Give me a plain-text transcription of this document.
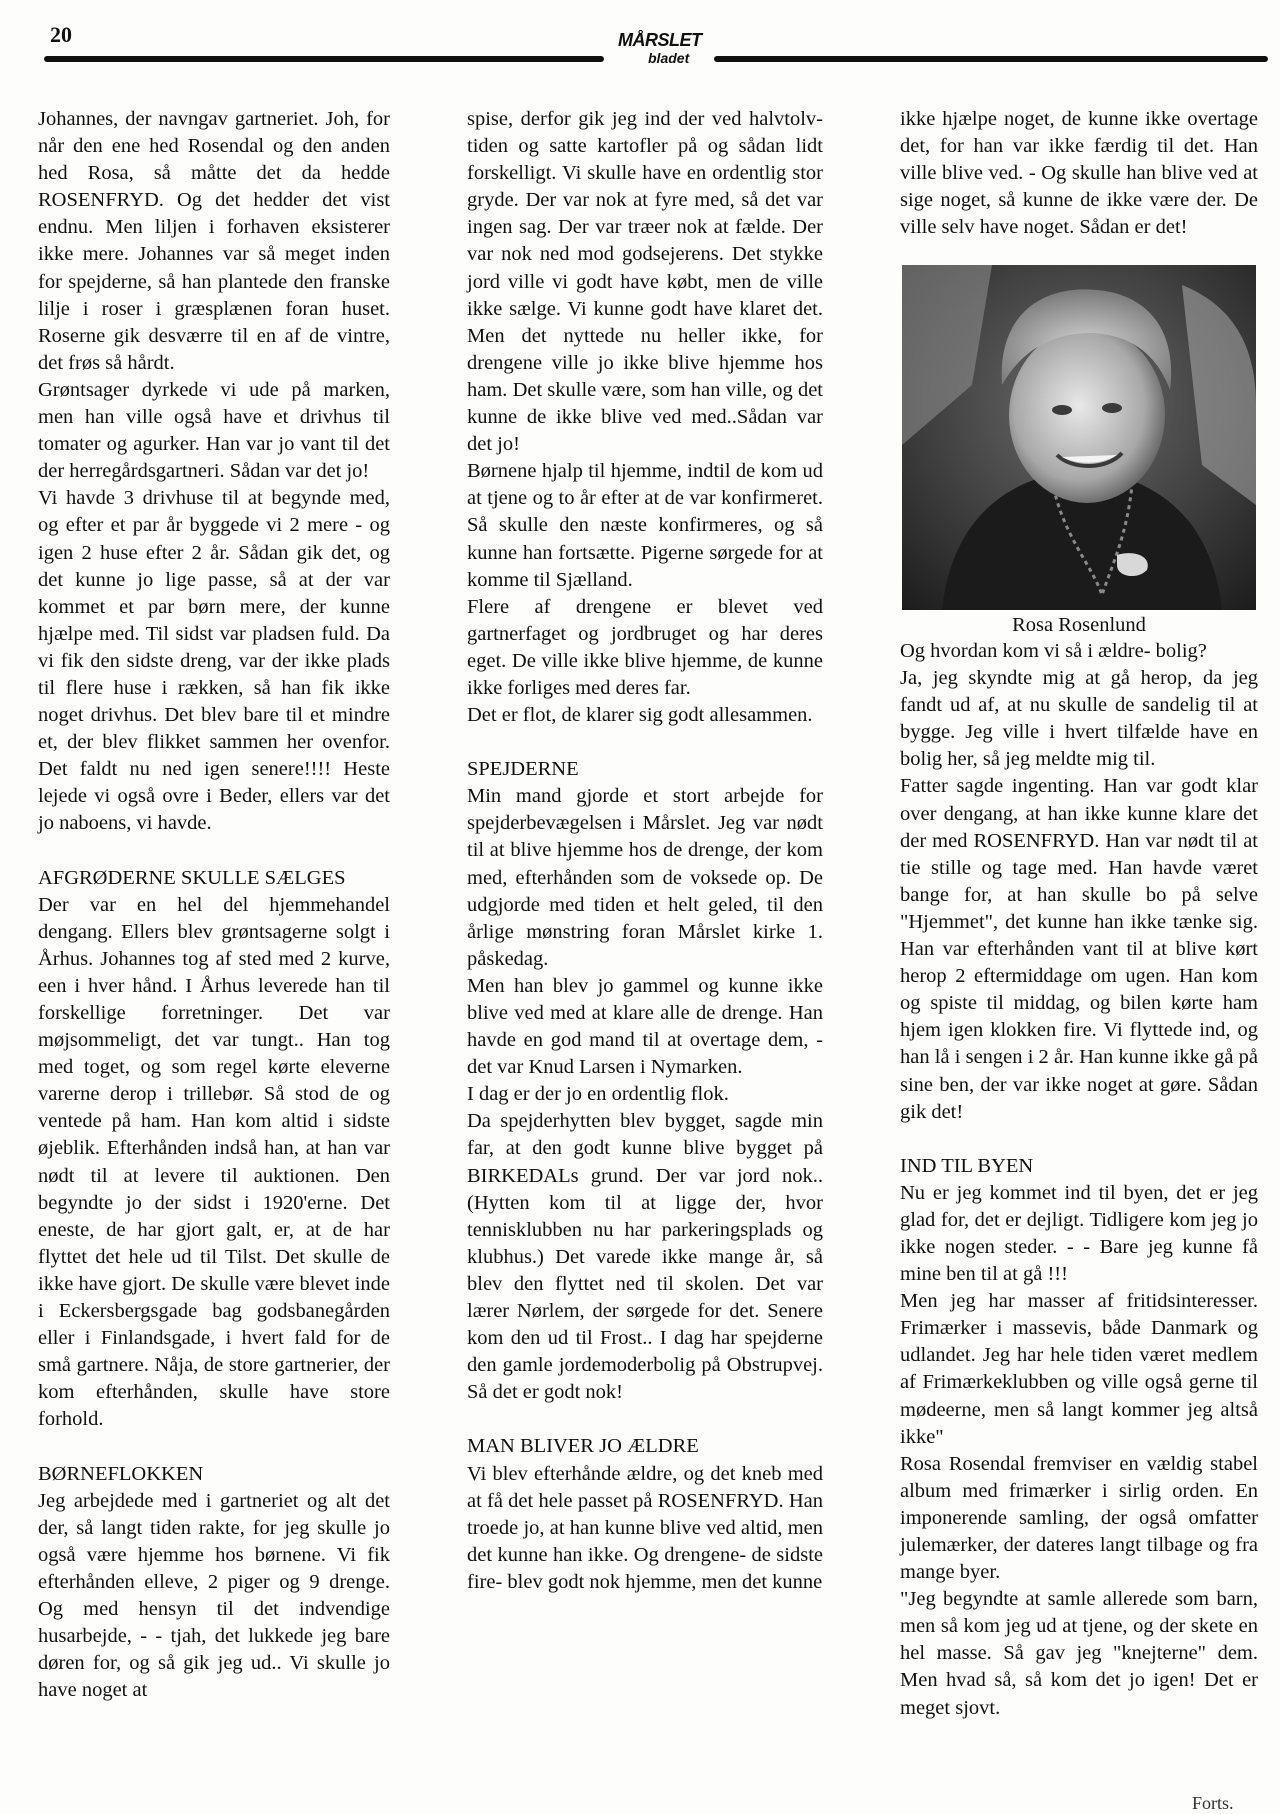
20	MÅRSLET
bladet

Johannes, der navngav gartneriet. Joh, for når den ene hed Rosendal og den anden hed Rosa, så måtte det da hedde ROSENFRYD. Og det hedder det vist endnu. Men liljen i forhaven eksisterer ikke mere. Johannes var så meget inden for spejderne, så han plantede den franske lilje i roser i græsplænen foran huset. Roserne gik desværre til en af de vintre, det frøs så hårdt.

Grøntsager dyrkede vi ude på marken, men han ville også have et drivhus til tomater og agurker. Han var jo vant til det der herregårdsgartneri. Sådan var det jo!

Vi havde 3 drivhuse til at begynde med, og efter et par år byggede vi 2 mere - og igen 2 huse efter 2 år. Sådan gik det, og det kunne jo lige passe, så at der var kommet et par børn mere, der kunne hjælpe med. Til sidst var pladsen fuld. Da vi fik den sidste dreng, var der ikke plads til flere huse i rækken, så han fik ikke noget drivhus. Det blev bare til et mindre et, der blev flikket sammen her ovenfor. Det faldt nu ned igen senere!!!! Heste lejede vi også ovre i Beder, ellers var det jo naboens, vi havde.

AFGRØDERNE SKULLE SÆLGES

Der var en hel del hjemmehandel dengang. Ellers blev grøntsagerne solgt i Århus. Johannes tog af sted med 2 kurve, een i hver hånd. I Århus leverede han til forskellige forretninger. Det var møjsommeligt, det var tungt.. Han tog med toget, og som regel kørte eleverne varerne derop i trillebør. Så stod de og ventede på ham. Han kom altid i sidste øjeblik. Efterhånden indså han, at han var nødt til at levere til auktionen. Den begyndte jo der sidst i 1920'erne. Det eneste, de har gjort galt, er, at de har flyttet det hele ud til Tilst. Det skulle de ikke have gjort. De skulle være blevet inde i Eckersbergsgade bag godsbanegården eller i Finlandsgade, i hvert fald for de små gartnere. Nåja, de store gartnerier, der kom efterhånden, skulle have store forhold.

BØRNEFLOKKEN

Jeg arbejdede med i gartneriet og alt det der, så langt tiden rakte, for jeg skulle jo også være hjemme hos børnene. Vi fik efterhånden elleve, 2 piger og 9 drenge. Og med hensyn til det indvendige husarbejde, - - tjah, det lukkede jeg bare døren for, og så gik jeg ud.. Vi skulle jo have noget at

spise, derfor gik jeg ind der ved halvtolv-tiden og satte kartofler på og sådan lidt forskelligt. Vi skulle have en ordentlig stor gryde. Der var nok at fyre med, så det var ingen sag. Der var træer nok at fælde. Der var nok ned mod godsejerens. Det stykke jord ville vi godt have købt, men de ville ikke sælge. Vi kunne godt have klaret det. Men det nyttede nu heller ikke, for drengene ville jo ikke blive hjemme hos ham. Det skulle være, som han ville, og det kunne de ikke blive ved med..Sådan var det jo!

Børnene hjalp til hjemme, indtil de kom ud at tjene og to år efter at de var konfirmeret. Så skulle den næste konfirmeres, og så kunne han fortsætte. Pigerne sørgede for at komme til Sjælland.

Flere af drengene er blevet ved gartnerfaget og jordbruget og har deres eget. De ville ikke blive hjemme, de kunne ikke forliges med deres far.

Det er flot, de klarer sig godt allesammen.

SPEJDERNE

Min mand gjorde et stort arbejde for spejderbevægelsen i Mårslet. Jeg var nødt til at blive hjemme hos de drenge, der kom med, efterhånden som de voksede op. De udgjorde med tiden et helt geled, til den årlige mønstring foran Mårslet kirke 1. påskedag.

Men han blev jo gammel og kunne ikke blive ved med at klare alle de drenge. Han havde en god mand til at overtage dem, - det var Knud Larsen i Nymarken.

I dag er der jo en ordentlig flok.

Da spejderhytten blev bygget, sagde min far, at den godt kunne blive bygget på BIRKEDALs grund. Der var jord nok.. (Hytten kom til at ligge der, hvor tennisklubben nu har parkeringsplads og klubhus.) Det varede ikke mange år, så blev den flyttet ned til skolen. Det var lærer Nørlem, der sørgede for det. Senere kom den ud til Frost.. I dag har spejderne den gamle jordemoderbolig på Obstrupvej. Så det er godt nok!

MAN BLIVER JO ÆLDRE

Vi blev efterhånde ældre, og det kneb med at få det hele passet på ROSENFRYD. Han troede jo, at han kunne blive ved altid, men det kunne han ikke. Og drengene- de sidste fire- blev godt nok hjemme, men det kunne

ikke hjælpe noget, de kunne ikke overtage det, for han var ikke færdig til det. Han ville blive ved. - Og skulle han blive ved at sige noget, så kunne de ikke være der. De ville selv have noget. Sådan er det!

Rosa Rosenlund

Og hvordan kom vi så i ældre- bolig?

Ja, jeg skyndte mig at gå herop, da jeg fandt ud af, at nu skulle de sandelig til at bygge. Jeg ville i hvert tilfælde have en bolig her, så jeg meldte mig til.

Fatter sagde ingenting. Han var godt klar over dengang, at han ikke kunne klare det der med ROSENFRYD. Han var nødt til at tie stille og tage med. Han havde været bange for, at han skulle bo på selve "Hjemmet", det kunne han ikke tænke sig. Han var efterhånden vant til at blive kørt herop 2 eftermiddage om ugen. Han kom og spiste til middag, og bilen kørte ham hjem igen klokken fire. Vi flyttede ind, og han lå i sengen i 2 år. Han kunne ikke gå på sine ben, der var ikke noget at gøre. Sådan gik det!

IND TIL BYEN

Nu er jeg kommet ind til byen, det er jeg glad for, det er dejligt. Tidligere kom jeg jo ikke nogen steder. - - Bare jeg kunne få mine ben til at gå !!!

Men jeg har masser af fritidsinteresser. Frimærker i massevis, både Danmark og udlandet. Jeg har hele tiden været medlem af Frimærkeklubben og ville også gerne til mødeerne, men så langt kommer jeg altså ikke"

Rosa Rosendal fremviser en vældig stabel album med frimærker i sirlig orden. En imponerende samling, der også omfatter julemærker, der dateres langt tilbage og fra mange byer.

"Jeg begyndte at samle allerede som barn, men så kom jeg ud at tjene, og der skete en hel masse. Så gav jeg "knejterne" dem. Men hvad så, så kom det jo igen! Det er meget sjovt.

Forts.
